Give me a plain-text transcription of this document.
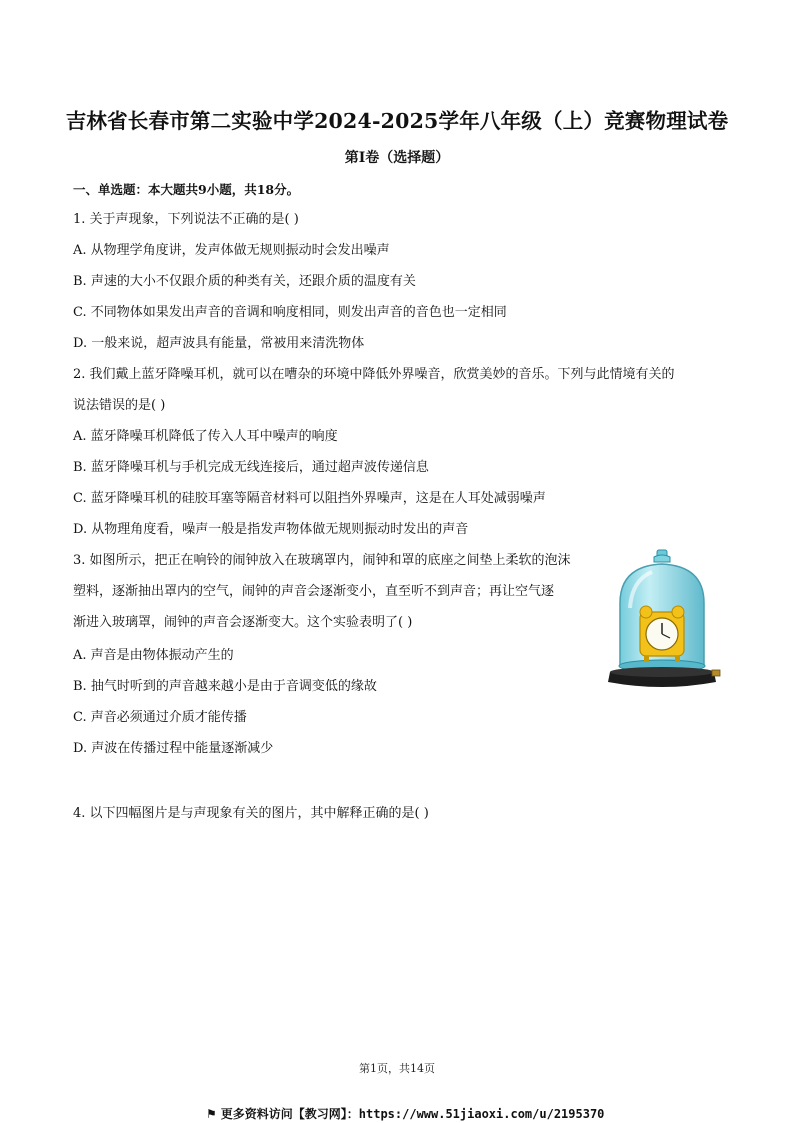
吉林省长春市第二实验中学2024-2025学年八年级（上）竞赛物理试卷
第I卷（选择题）
一、单选题：本大题共9小题，共18分。
1. 关于声现象，下列说法不正确的是( )
A. 从物理学角度讲，发声体做无规则振动时会发出噪声
B. 声速的大小不仅跟介质的种类有关，还跟介质的温度有关
C. 不同物体如果发出声音的音调和响度相同，则发出声音的音色也一定相同
D. 一般来说，超声波具有能量，常被用来清洗物体
2. 我们戴上蓝牙降噪耳机，就可以在嘈杂的环境中降低外界噪音，欣赏美妙的音乐。下列与此情境有关的
说法错误的是( )
A. 蓝牙降噪耳机降低了传入人耳中噪声的响度
B. 蓝牙降噪耳机与手机完成无线连接后，通过超声波传递信息
C. 蓝牙降噪耳机的硅胶耳塞等隔音材料可以阻挡外界噪声，这是在人耳处减弱噪声
D. 从物理角度看，噪声一般是指发声物体做无规则振动时发出的声音
3. 如图所示，把正在响铃的闹钟放入在玻璃罩内，闹钟和罩的底座之间垫上柔软的泡沫
塑料，逐渐抽出罩内的空气，闹钟的声音会逐渐变小，直至听不到声音；再让空气逐
渐进入玻璃罩，闹钟的声音会逐渐变大。这个实验表明了( )
A. 声音是由物体振动产生的
B. 抽气时听到的声音越来越小是由于音调变低的缘故
C. 声音必须通过介质才能传播
D. 声波在传播过程中能量逐渐减少
4. 以下四幅图片是与声现象有关的图片，其中解释正确的是( )
第1页，共14页
⚑ 更多资料访问【教习网】：https://www.51jiaoxi.com/u/2195370
